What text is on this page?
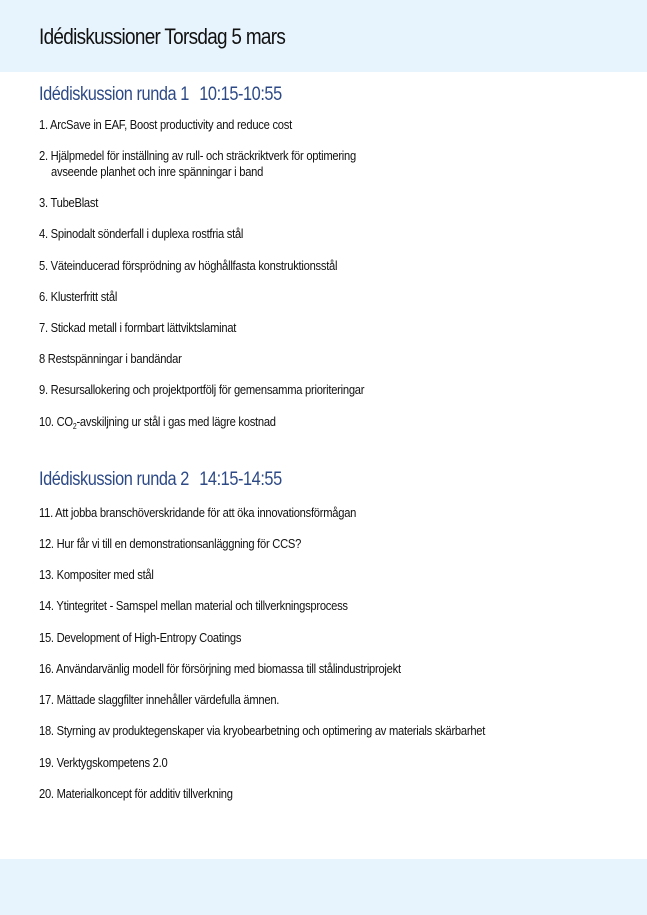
Idédiskussioner Torsdag 5 mars
Idédiskussion runda 1 10:15-10:55

1. ArcSave in EAF, Boost productivity and reduce cost

2. Hjälpmedel för inställning av rull- och sträckriktverk för optimering
avseende planhet och inre spänningar i band

3. TubeBlast

4. Spinodalt sönderfall i duplexa rostfria stål

5. Väteinducerad försprödning av höghållfasta konstruktionsstål

6. Klusterfritt stål

7. Stickad metall i formbart lättviktslaminat

8 Restspänningar i bandändar

9. Resursallokering och projektportfölj för gemensamma prioriteringar

10. $CO_2$-avskiljning ur stål i gas med lägre kostnad

Idédiskussion runda 2 14:15-14:55

11. Att jobba branschöverskridande för att öka innovationsförmågan

12. Hur får vi till en demonstrationsanläggning för CCS?

13. Kompositer med stål

14. Ytintegritet - Samspel mellan material och tillverkningsprocess

15. Development of High-Entropy Coatings

16. Användarvänlig modell för försörjning med biomassa till stålindustriprojekt

17. Mättade slaggfilter innehåller värdefulla ämnen.

18. Styrning av produktegenskaper via kryobearbetning och optimering av materials skärbarhet

19. Verktygskompetens 2.0

20. Materialkoncept för additiv tillverkning
